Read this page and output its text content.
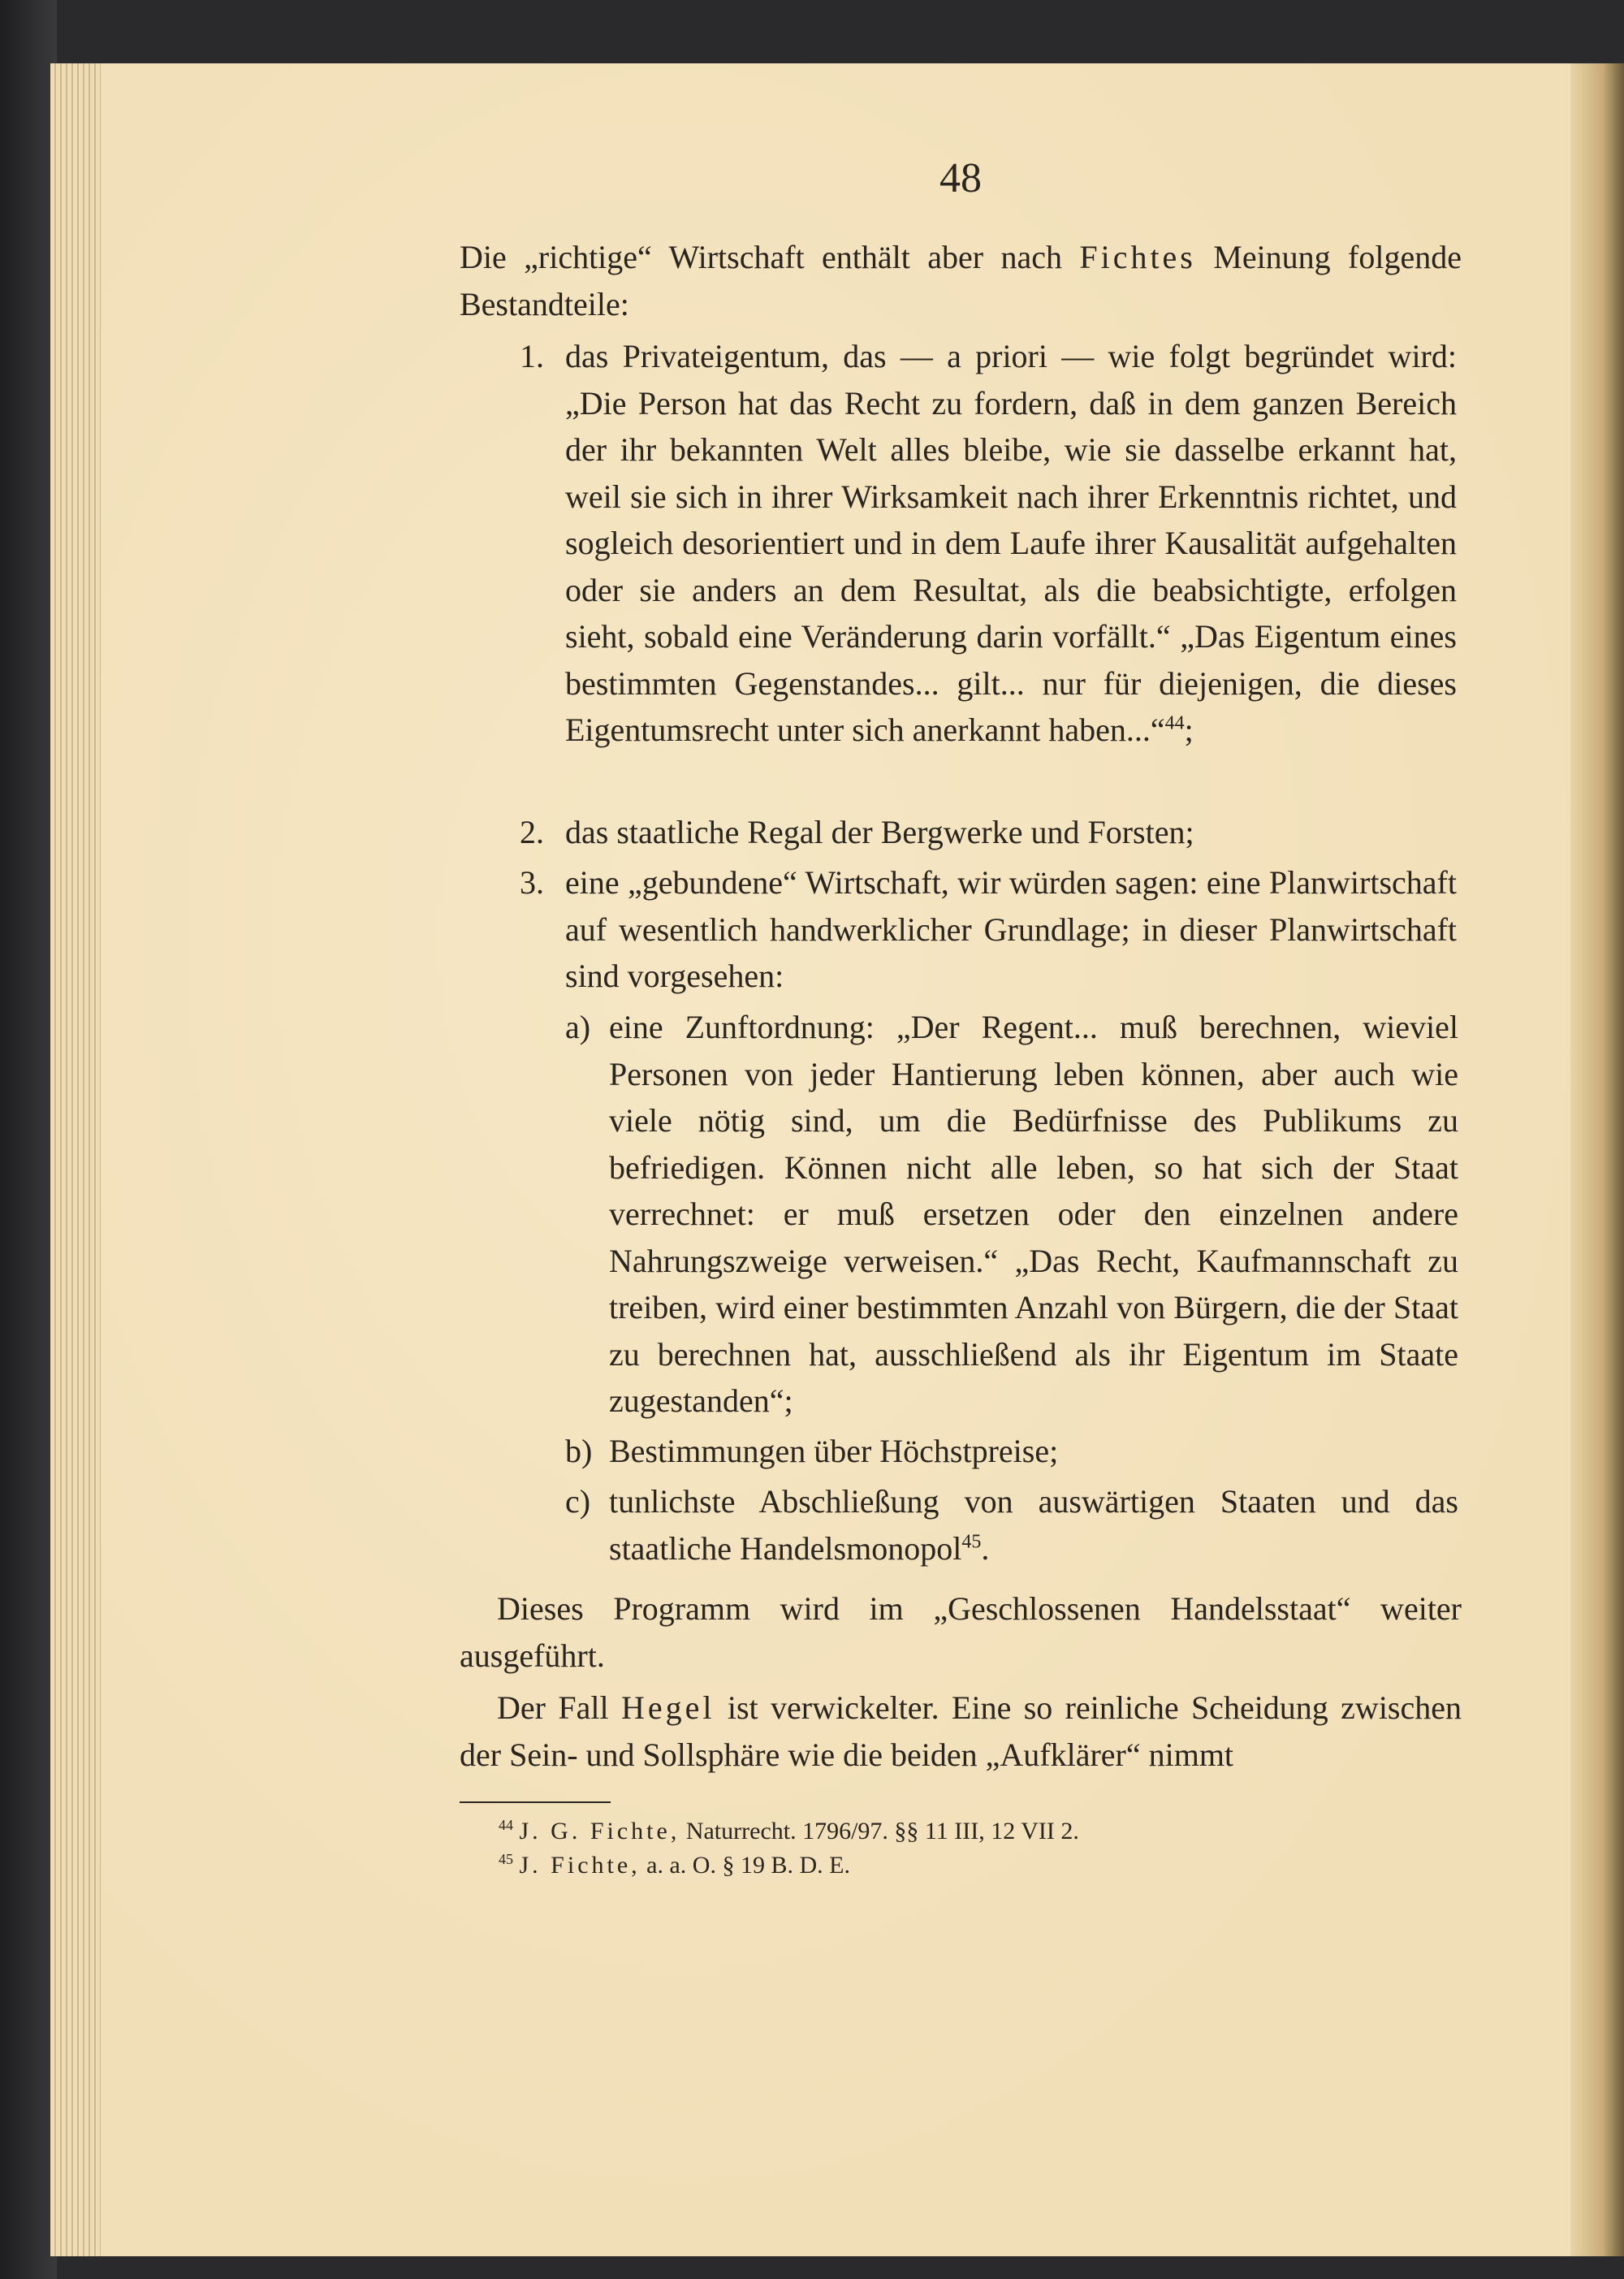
48
Die „richtige“ Wirtschaft enthält aber nach Fichtes Meinung folgende Bestandteile:
1. das Privateigentum, das — a priori — wie folgt begründet wird: „Die Person hat das Recht zu fordern, daß in dem ganzen Bereich der ihr bekannten Welt alles bleibe, wie sie dasselbe erkannt hat, weil sie sich in ihrer Wirksamkeit nach ihrer Erkenntnis richtet, und sogleich desorientiert und in dem Laufe ihrer Kausalität aufgehalten oder sie anders an dem Resultat, als die beabsichtigte, erfolgen sieht, sobald eine Veränderung darin vorfällt.“ „Das Eigentum eines bestimmten Gegenstandes... gilt... nur für diejenigen, die dieses Eigentumsrecht unter sich anerkannt haben...“$^{44}$;
2. das staatliche Regal der Bergwerke und Forsten;
3. eine „gebundene“ Wirtschaft, wir würden sagen: eine Planwirtschaft auf wesentlich handwerklicher Grundlage; in dieser Planwirtschaft sind vorgesehen:
a) eine Zunftordnung: „Der Regent... muß berechnen, wieviel Personen von jeder Hantierung leben können, aber auch wie viele nötig sind, um die Bedürfnisse des Publikums zu befriedigen. Können nicht alle leben, so hat sich der Staat verrechnet: er muß ersetzen oder den einzelnen andere Nahrungszweige verweisen.“ „Das Recht, Kaufmannschaft zu treiben, wird einer bestimmten Anzahl von Bürgern, die der Staat zu berechnen hat, ausschließend als ihr Eigentum im Staate zugestanden“;
b) Bestimmungen über Höchstpreise;
c) tunlichste Abschließung von auswärtigen Staaten und das staatliche Handelsmonopol$^{45}$.
Dieses Programm wird im „Geschlossenen Handelsstaat“ weiter ausgeführt.
Der Fall Hegel ist verwickelter. Eine so reinliche Scheidung zwischen der Sein- und Sollsphäre wie die beiden „Aufklärer“ nimmt
$^{44}$ J. G. Fichte, Naturrecht. 1796/97. §§ 11 III, 12 VII 2.
$^{45}$ J. Fichte, a. a. O. § 19 B. D. E.
